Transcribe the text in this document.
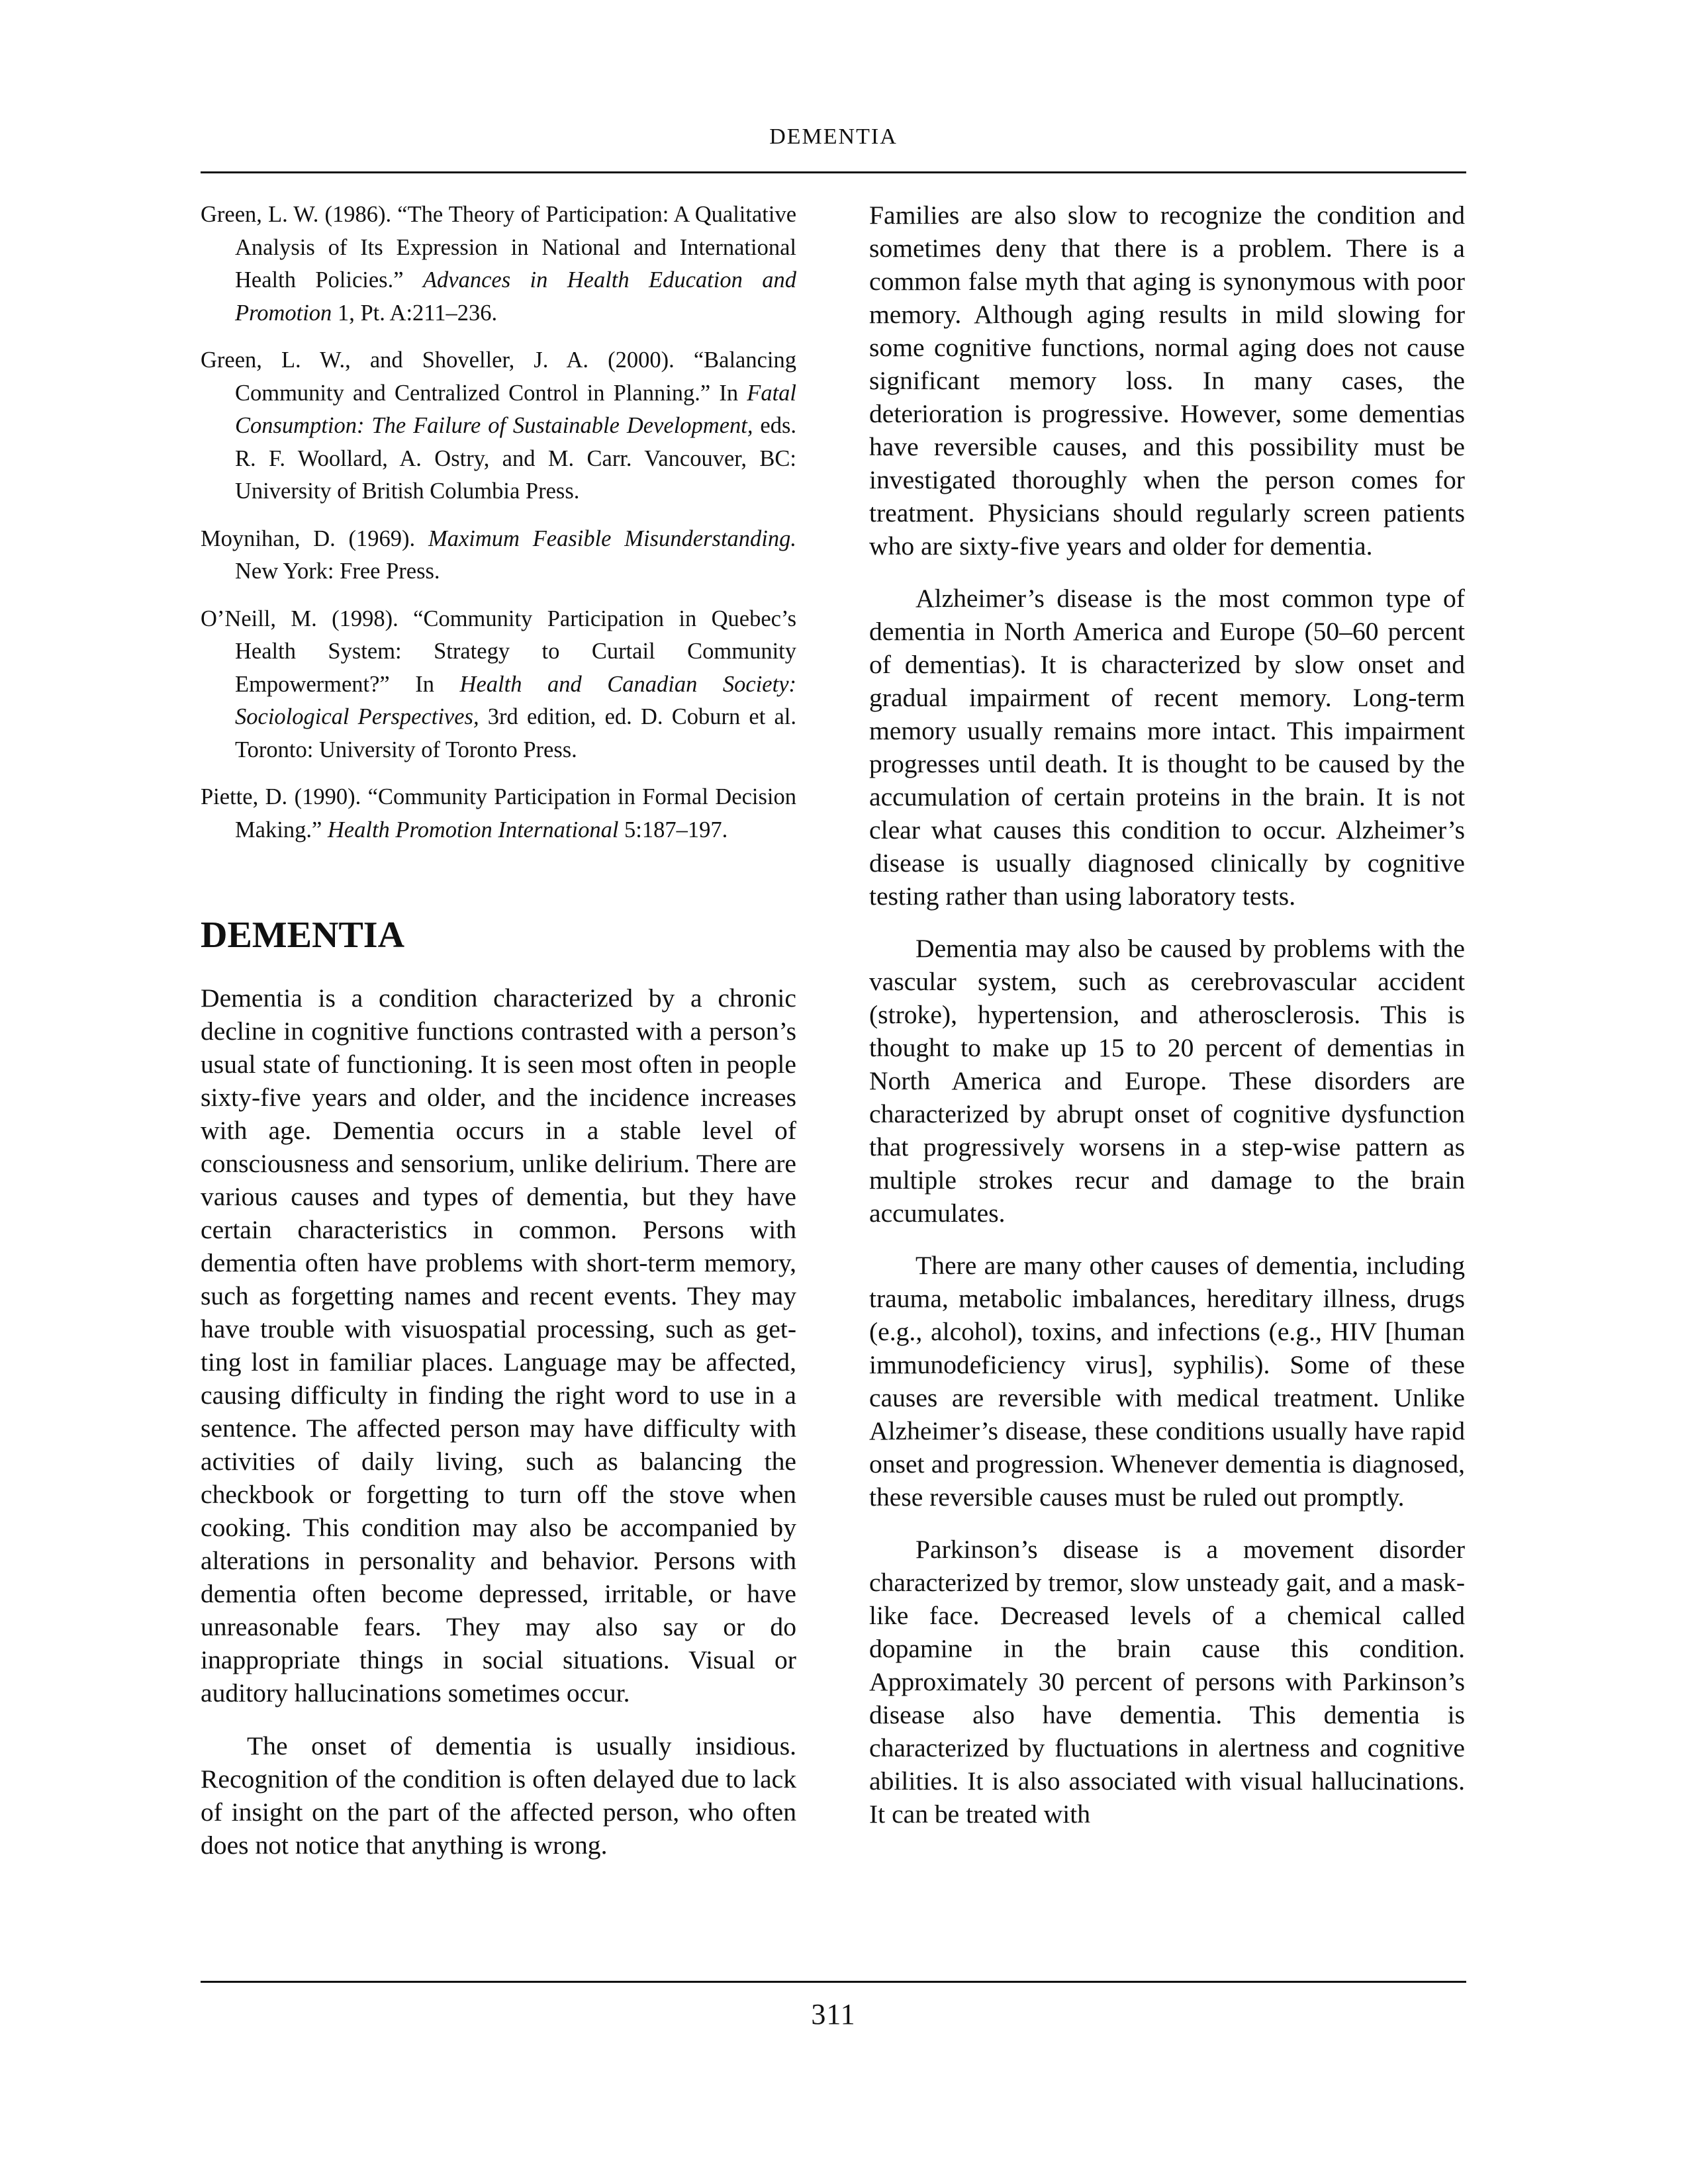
DEMENTIA

Green, L. W. (1986). “The Theory of Participation: A Qualitative Analysis of Its Expression in National and International Health Policies.” Advances in Health Education and Promotion 1, Pt. A:211–236.

Green, L. W., and Shoveller, J. A. (2000). “Balancing Community and Centralized Control in Planning.” In Fatal Consumption: The Failure of Sustainable Development, eds. R. F. Woollard, A. Ostry, and M. Carr. Vancouver, BC: University of British Columbia Press.

Moynihan, D. (1969). Maximum Feasible Misunderstanding. New York: Free Press.

O’Neill, M. (1998). “Community Participation in Quebec’s Health System: Strategy to Curtail Community Empowerment?” In Health and Canadian Society: Sociological Perspectives, 3rd edition, ed. D. Coburn et al. Toronto: University of Toronto Press.

Piette, D. (1990). “Community Participation in Formal Decision Making.” Health Promotion International 5:187–197.

DEMENTIA

Dementia is a condition characterized by a chronic decline in cognitive functions contrasted with a person’s usual state of functioning. It is seen most often in people sixty-five years and older, and the incidence increases with age. Dementia occurs in a stable level of consciousness and sensorium, unlike delirium. There are various causes and types of dementia, but they have certain characteristics in common. Persons with dementia often have problems with short-term memory, such as forgetting names and recent events. They may have trouble with visuospatial processing, such as getting lost in familiar places. Language may be affected, causing difficulty in finding the right word to use in a sentence. The affected person may have difficulty with activities of daily living, such as balancing the checkbook or forgetting to turn off the stove when cooking. This condition may also be accompanied by alterations in personality and behavior. Persons with dementia often become depressed, irritable, or have unreasonable fears. They may also say or do inappropriate things in social situations. Visual or auditory hallucinations sometimes occur.

The onset of dementia is usually insidious. Recognition of the condition is often delayed due to lack of insight on the part of the affected person, who often does not notice that anything is wrong.

Families are also slow to recognize the condition and sometimes deny that there is a problem. There is a common false myth that aging is synonymous with poor memory. Although aging results in mild slowing for some cognitive functions, normal aging does not cause significant memory loss. In many cases, the deterioration is progressive. However, some dementias have reversible causes, and this possibility must be investigated thoroughly when the person comes for treatment. Physicians should regularly screen patients who are sixty-five years and older for dementia.

Alzheimer’s disease is the most common type of dementia in North America and Europe (50–60 percent of dementias). It is characterized by slow onset and gradual impairment of recent memory. Long-term memory usually remains more intact. This impairment progresses until death. It is thought to be caused by the accumulation of certain proteins in the brain. It is not clear what causes this condition to occur. Alzheimer’s disease is usually diagnosed clinically by cognitive testing rather than using laboratory tests.

Dementia may also be caused by problems with the vascular system, such as cerebrovascular accident (stroke), hypertension, and atherosclerosis. This is thought to make up 15 to 20 percent of dementias in North America and Europe. These disorders are characterized by abrupt onset of cognitive dysfunction that progressively worsens in a step-wise pattern as multiple strokes recur and damage to the brain accumulates.

There are many other causes of dementia, including trauma, metabolic imbalances, hereditary illness, drugs (e.g., alcohol), toxins, and infections (e.g., HIV [human immunodeficiency virus], syphilis). Some of these causes are reversible with medical treatment. Unlike Alzheimer’s disease, these conditions usually have rapid onset and progression. Whenever dementia is diagnosed, these reversible causes must be ruled out promptly.

Parkinson’s disease is a movement disorder characterized by tremor, slow unsteady gait, and a mask-like face. Decreased levels of a chemical called dopamine in the brain cause this condition. Approximately 30 percent of persons with Parkinson’s disease also have dementia. This dementia is characterized by fluctuations in alertness and cognitive abilities. It is also associated with visual hallucinations. It can be treated with

311
